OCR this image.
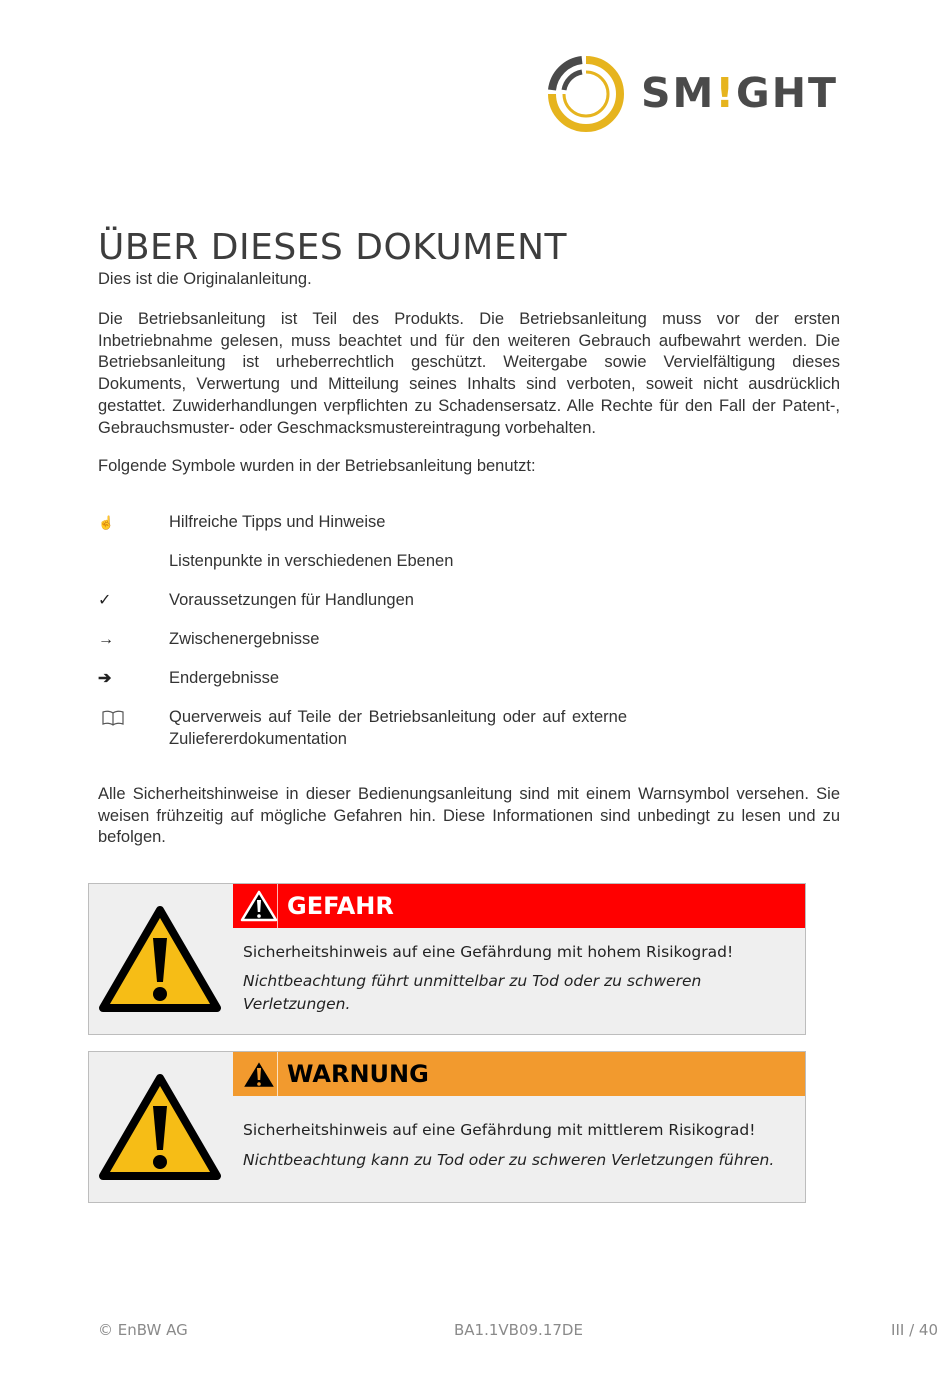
SM!GHT
ÜBER DIESES DOKUMENT

Dies ist die Originalanleitung.

Die Betriebsanleitung ist Teil des Produkts. Die Betriebsanleitung muss vor der ersten Inbetriebnahme gelesen, muss beachtet und für den weiteren Gebrauch aufbewahrt werden. Die Betriebsanleitung ist urheberrechtlich geschützt. Weitergabe sowie Vervielfältigung dieses Dokuments, Verwertung und Mitteilung seines Inhalts sind verboten, soweit nicht ausdrücklich gestattet. Zuwiderhandlungen verpflichten zu Schadensersatz. Alle Rechte für den Fall der Patent-, Gebrauchsmuster- oder Geschmacksmustereintragung vorbehalten.

Folgende Symbole wurden in der Betriebsanleitung benutzt:

☝	Hilfreiche Tipps und Hinweise
Listenpunkte in verschiedenen Ebenen
✓	Voraussetzungen für Handlungen
→	Zwischenergebnisse
➔	Endergebnisse
Querverweis auf Teile der Betriebsanleitung oder auf externe Zuliefererdokumentation

Alle Sicherheitshinweise in dieser Bedienungsanleitung sind mit einem Warnsymbol versehen. Sie weisen frühzeitig auf mögliche Gefahren hin. Diese Informationen sind unbedingt zu lesen und zu befolgen.

GEFAHR
Sicherheitshinweis auf eine Gefährdung mit hohem Risikograd!
Nichtbeachtung führt unmittelbar zu Tod oder zu schweren Verletzungen.
WARNUNG
Sicherheitshinweis auf eine Gefährdung mit mittlerem Risikograd!
Nichtbeachtung kann zu Tod oder zu schweren Verletzungen führen.
© EnBW AG	BA1.1VB09.17DE	III / 40
